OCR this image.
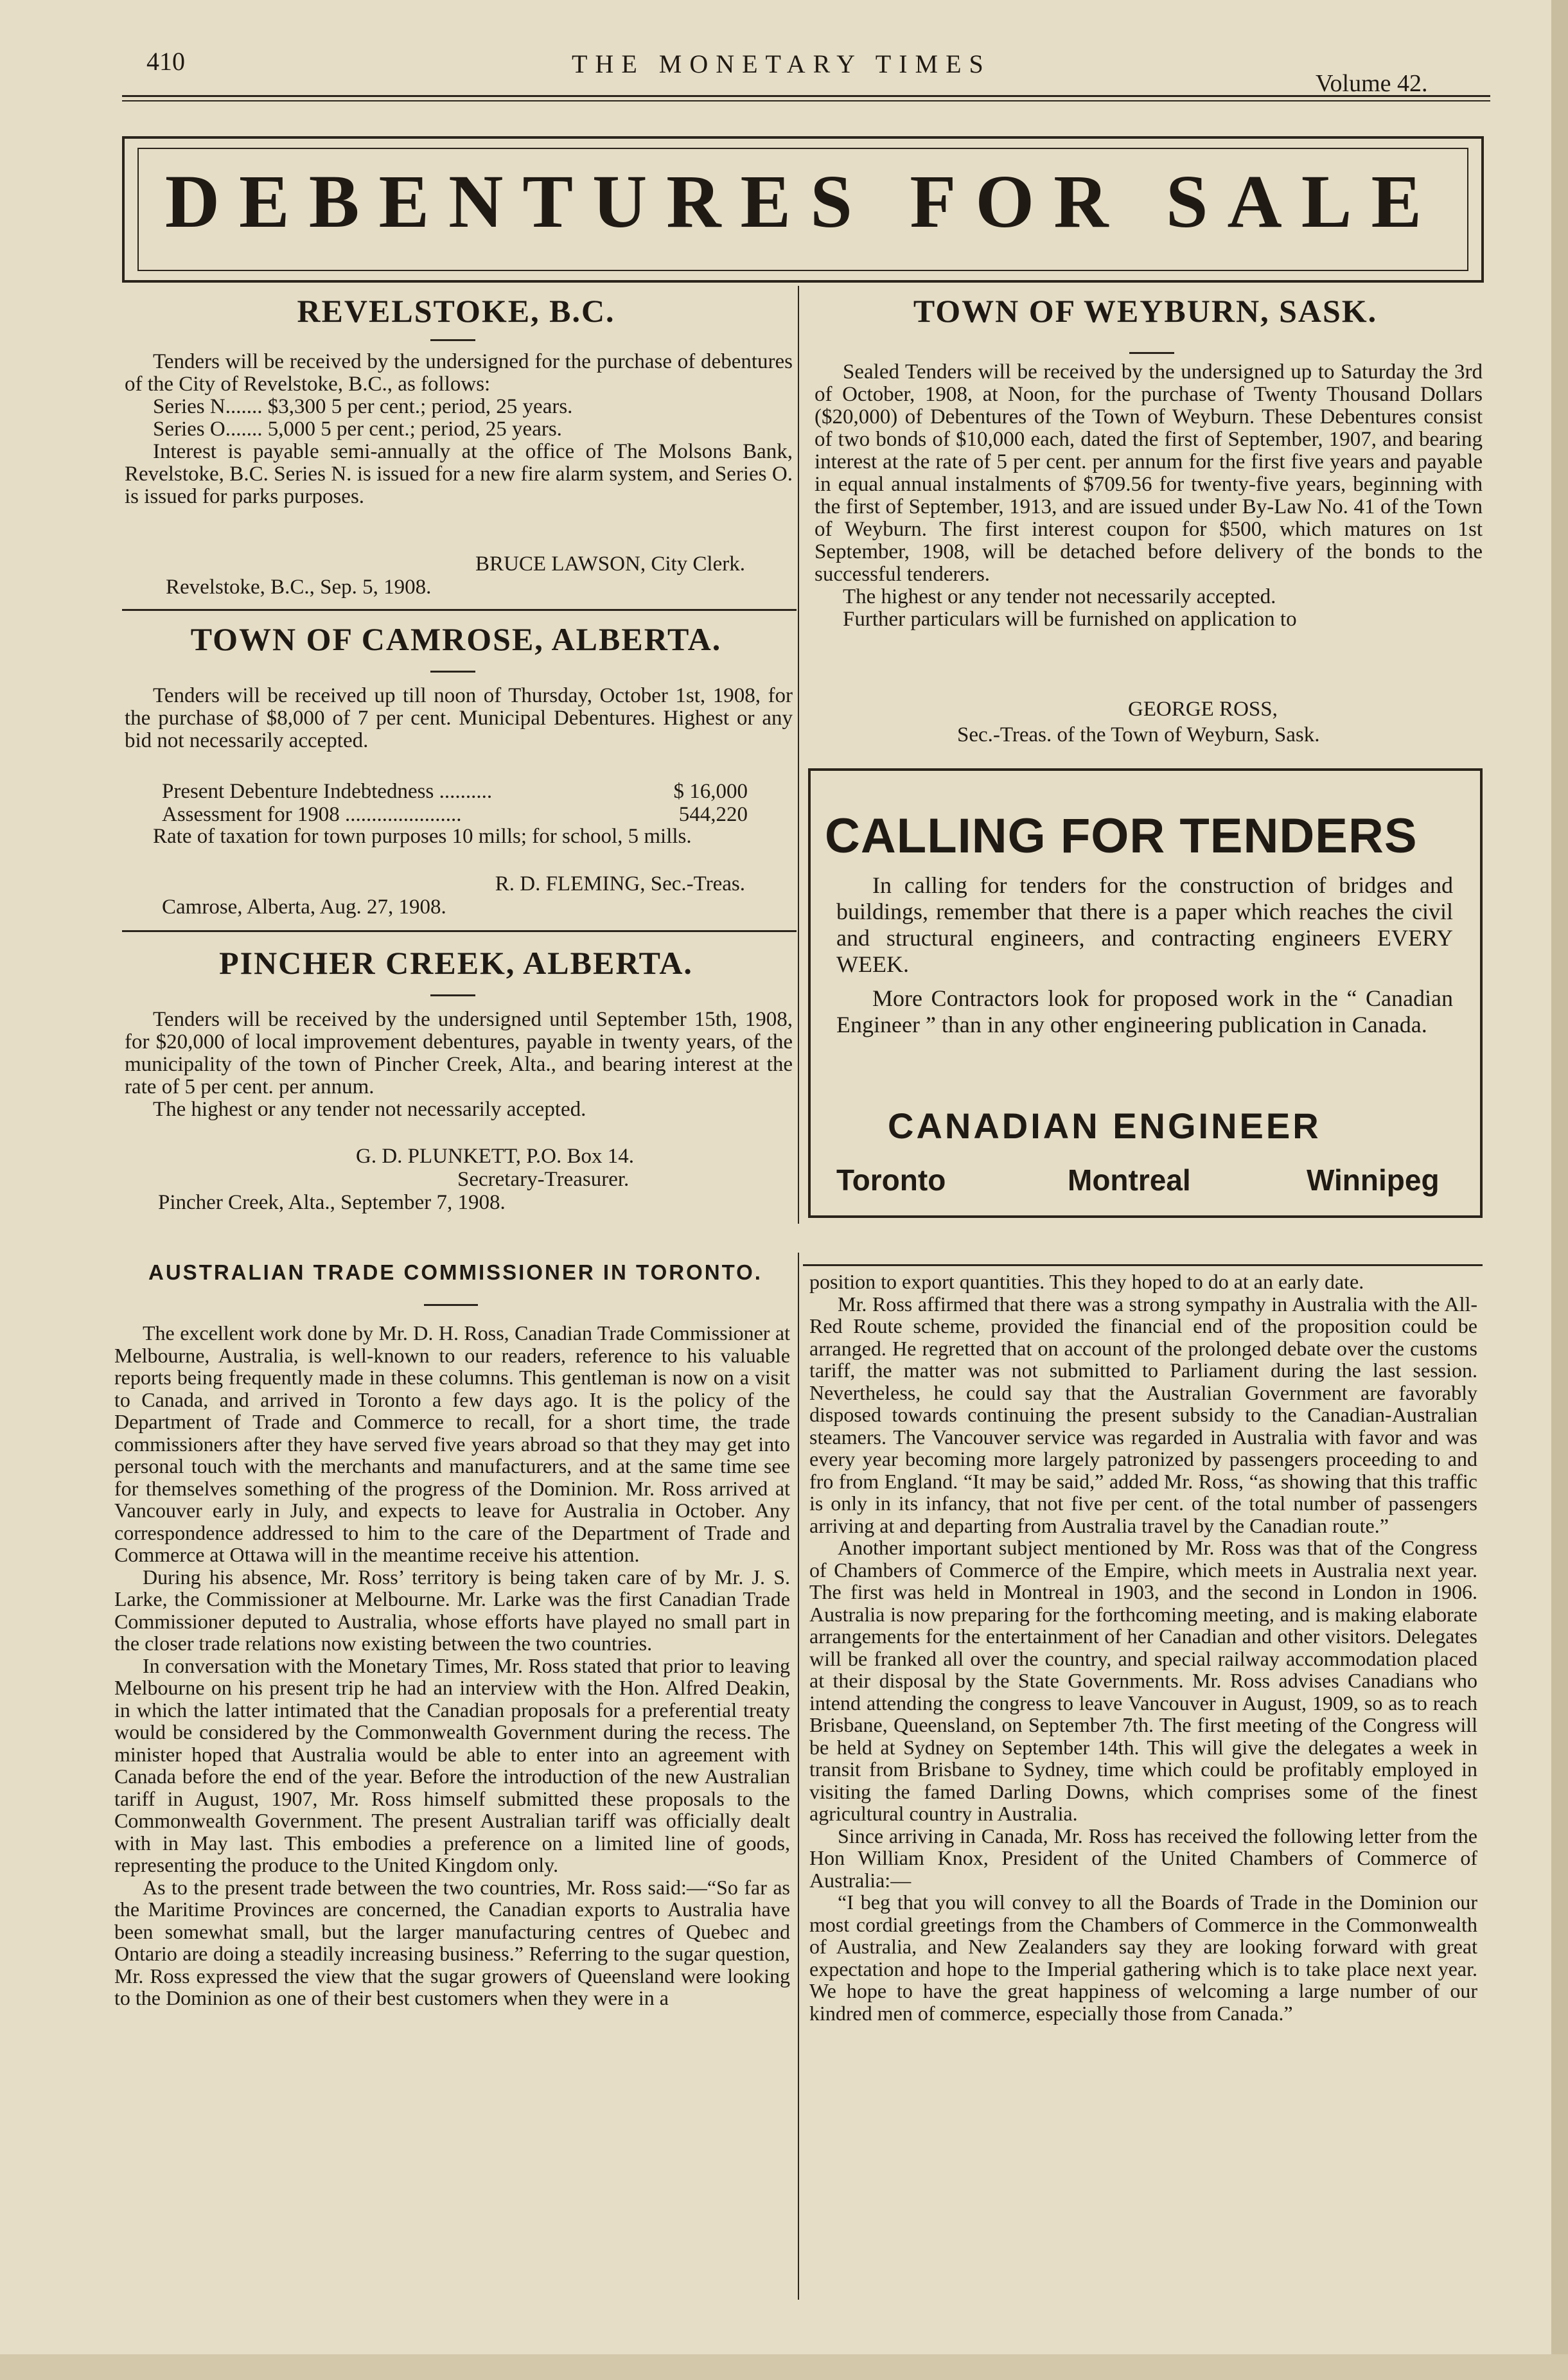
410	THE MONETARY TIMES
Volume 42.
DEBENTURES FOR SALE
REVELSTOKE, B.C.

Tenders will be received by the undersigned for the purchase of debentures of the City of Revelstoke, B.C., as follows:

Series N....... $3,300 5 per cent.; period, 25 years.

Series O....... 5,000 5 per cent.; period, 25 years.

Interest is payable semi-annually at the office of The Molsons Bank, Revelstoke, B.C. Series N. is issued for a new fire alarm system, and Series O. is issued for parks purposes.

BRUCE LAWSON, City Clerk.
Revelstoke, B.C., Sep. 5, 1908.
TOWN OF CAMROSE, ALBERTA.

Tenders will be received up till noon of Thursday, October 1st, 1908, for the purchase of $8,000 of 7 per cent. Municipal Debentures. Highest or any bid not necessarily accepted.

Present Debenture Indebtedness ..........	$ 16,000
Assessment for 1908 ......................	544,220

Rate of taxation for town purposes 10 mills; for school, 5 mills.

R. D. FLEMING, Sec.-Treas.
Camrose, Alberta, Aug. 27, 1908.
PINCHER CREEK, ALBERTA.

Tenders will be received by the undersigned until September 15th, 1908, for $20,000 of local improvement debentures, payable in twenty years, of the municipality of the town of Pincher Creek, Alta., and bearing interest at the rate of 5 per cent. per annum.

The highest or any tender not necessarily accepted.

G. D. PLUNKETT, P.O. Box 14.
Secretary-Treasurer.
Pincher Creek, Alta., September 7, 1908.
TOWN OF WEYBURN, SASK.

Sealed Tenders will be received by the undersigned up to Saturday the 3rd of October, 1908, at Noon, for the purchase of Twenty Thousand Dollars ($20,000) of Debentures of the Town of Weyburn. These Debentures consist of two bonds of $10,000 each, dated the first of September, 1907, and bearing interest at the rate of 5 per cent. per annum for the first five years and payable in equal annual instalments of $709.56 for twenty-five years, beginning with the first of September, 1913, and are issued under By-Law No. 41 of the Town of Weyburn. The first interest coupon for $500, which matures on 1st September, 1908, will be detached before delivery of the bonds to the successful tenderers.

The highest or any tender not necessarily accepted.

Further particulars will be furnished on application to

GEORGE ROSS,
Sec.-Treas. of the Town of Weyburn, Sask.
CALLING FOR TENDERS

In calling for tenders for the construction of bridges and buildings, remember that there is a paper which reaches the civil and structural engineers, and contracting engineers EVERY WEEK.

More Contractors look for proposed work in the “ Canadian Engineer ” than in any other engineering publication in Canada.

CANADIAN ENGINEER
Toronto	Montreal	Winnipeg
AUSTRALIAN TRADE COMMISSIONER IN TORONTO.

The excellent work done by Mr. D. H. Ross, Canadian Trade Commissioner at Melbourne, Australia, is well-known to our readers, reference to his valuable reports being frequently made in these columns. This gentleman is now on a visit to Canada, and arrived in Toronto a few days ago. It is the policy of the Department of Trade and Commerce to recall, for a short time, the trade commissioners after they have served five years abroad so that they may get into personal touch with the merchants and manufacturers, and at the same time see for themselves something of the progress of the Dominion. Mr. Ross arrived at Vancouver early in July, and expects to leave for Australia in October. Any correspondence addressed to him to the care of the Department of Trade and Commerce at Ottawa will in the meantime receive his attention.

During his absence, Mr. Ross’ territory is being taken care of by Mr. J. S. Larke, the Commissioner at Melbourne. Mr. Larke was the first Canadian Trade Commissioner deputed to Australia, whose efforts have played no small part in the closer trade relations now existing between the two countries.

In conversation with the Monetary Times, Mr. Ross stated that prior to leaving Melbourne on his present trip he had an interview with the Hon. Alfred Deakin, in which the latter intimated that the Canadian proposals for a preferential treaty would be considered by the Commonwealth Government during the recess. The minister hoped that Australia would be able to enter into an agreement with Canada before the end of the year. Before the introduction of the new Australian tariff in August, 1907, Mr. Ross himself submitted these proposals to the Commonwealth Government. The present Australian tariff was officially dealt with in May last. This embodies a preference on a limited line of goods, representing the produce to the United Kingdom only.

As to the present trade between the two countries, Mr. Ross said:—“So far as the Maritime Provinces are concerned, the Canadian exports to Australia have been somewhat small, but the larger manufacturing centres of Quebec and Ontario are doing a steadily increasing business.” Referring to the sugar question, Mr. Ross expressed the view that the sugar growers of Queensland were looking to the Dominion as one of their best customers when they were in a

position to export quantities. This they hoped to do at an early date.

Mr. Ross affirmed that there was a strong sympathy in Australia with the All-Red Route scheme, provided the financial end of the proposition could be arranged. He regretted that on account of the prolonged debate over the customs tariff, the matter was not submitted to Parliament during the last session. Nevertheless, he could say that the Australian Government are favorably disposed towards continuing the present subsidy to the Canadian-Australian steamers. The Vancouver service was regarded in Australia with favor and was every year becoming more largely patronized by passengers proceeding to and fro from England. “It may be said,” added Mr. Ross, “as showing that this traffic is only in its infancy, that not five per cent. of the total number of passengers arriving at and departing from Australia travel by the Canadian route.”

Another important subject mentioned by Mr. Ross was that of the Congress of Chambers of Commerce of the Empire, which meets in Australia next year. The first was held in Montreal in 1903, and the second in London in 1906. Australia is now preparing for the forthcoming meeting, and is making elaborate arrangements for the entertainment of her Canadian and other visitors. Delegates will be franked all over the country, and special railway accommodation placed at their disposal by the State Governments. Mr. Ross advises Canadians who intend attending the congress to leave Vancouver in August, 1909, so as to reach Brisbane, Queensland, on September 7th. The first meeting of the Congress will be held at Sydney on September 14th. This will give the delegates a week in transit from Brisbane to Sydney, time which could be profitably employed in visiting the famed Darling Downs, which comprises some of the finest agricultural country in Australia.

Since arriving in Canada, Mr. Ross has received the following letter from the Hon William Knox, President of the United Chambers of Commerce of Australia:—

“I beg that you will convey to all the Boards of Trade in the Dominion our most cordial greetings from the Chambers of Commerce in the Commonwealth of Australia, and New Zealanders say they are looking forward with great expectation and hope to the Imperial gathering which is to take place next year. We hope to have the great happiness of welcoming a large number of our kindred men of commerce, especially those from Canada.”
